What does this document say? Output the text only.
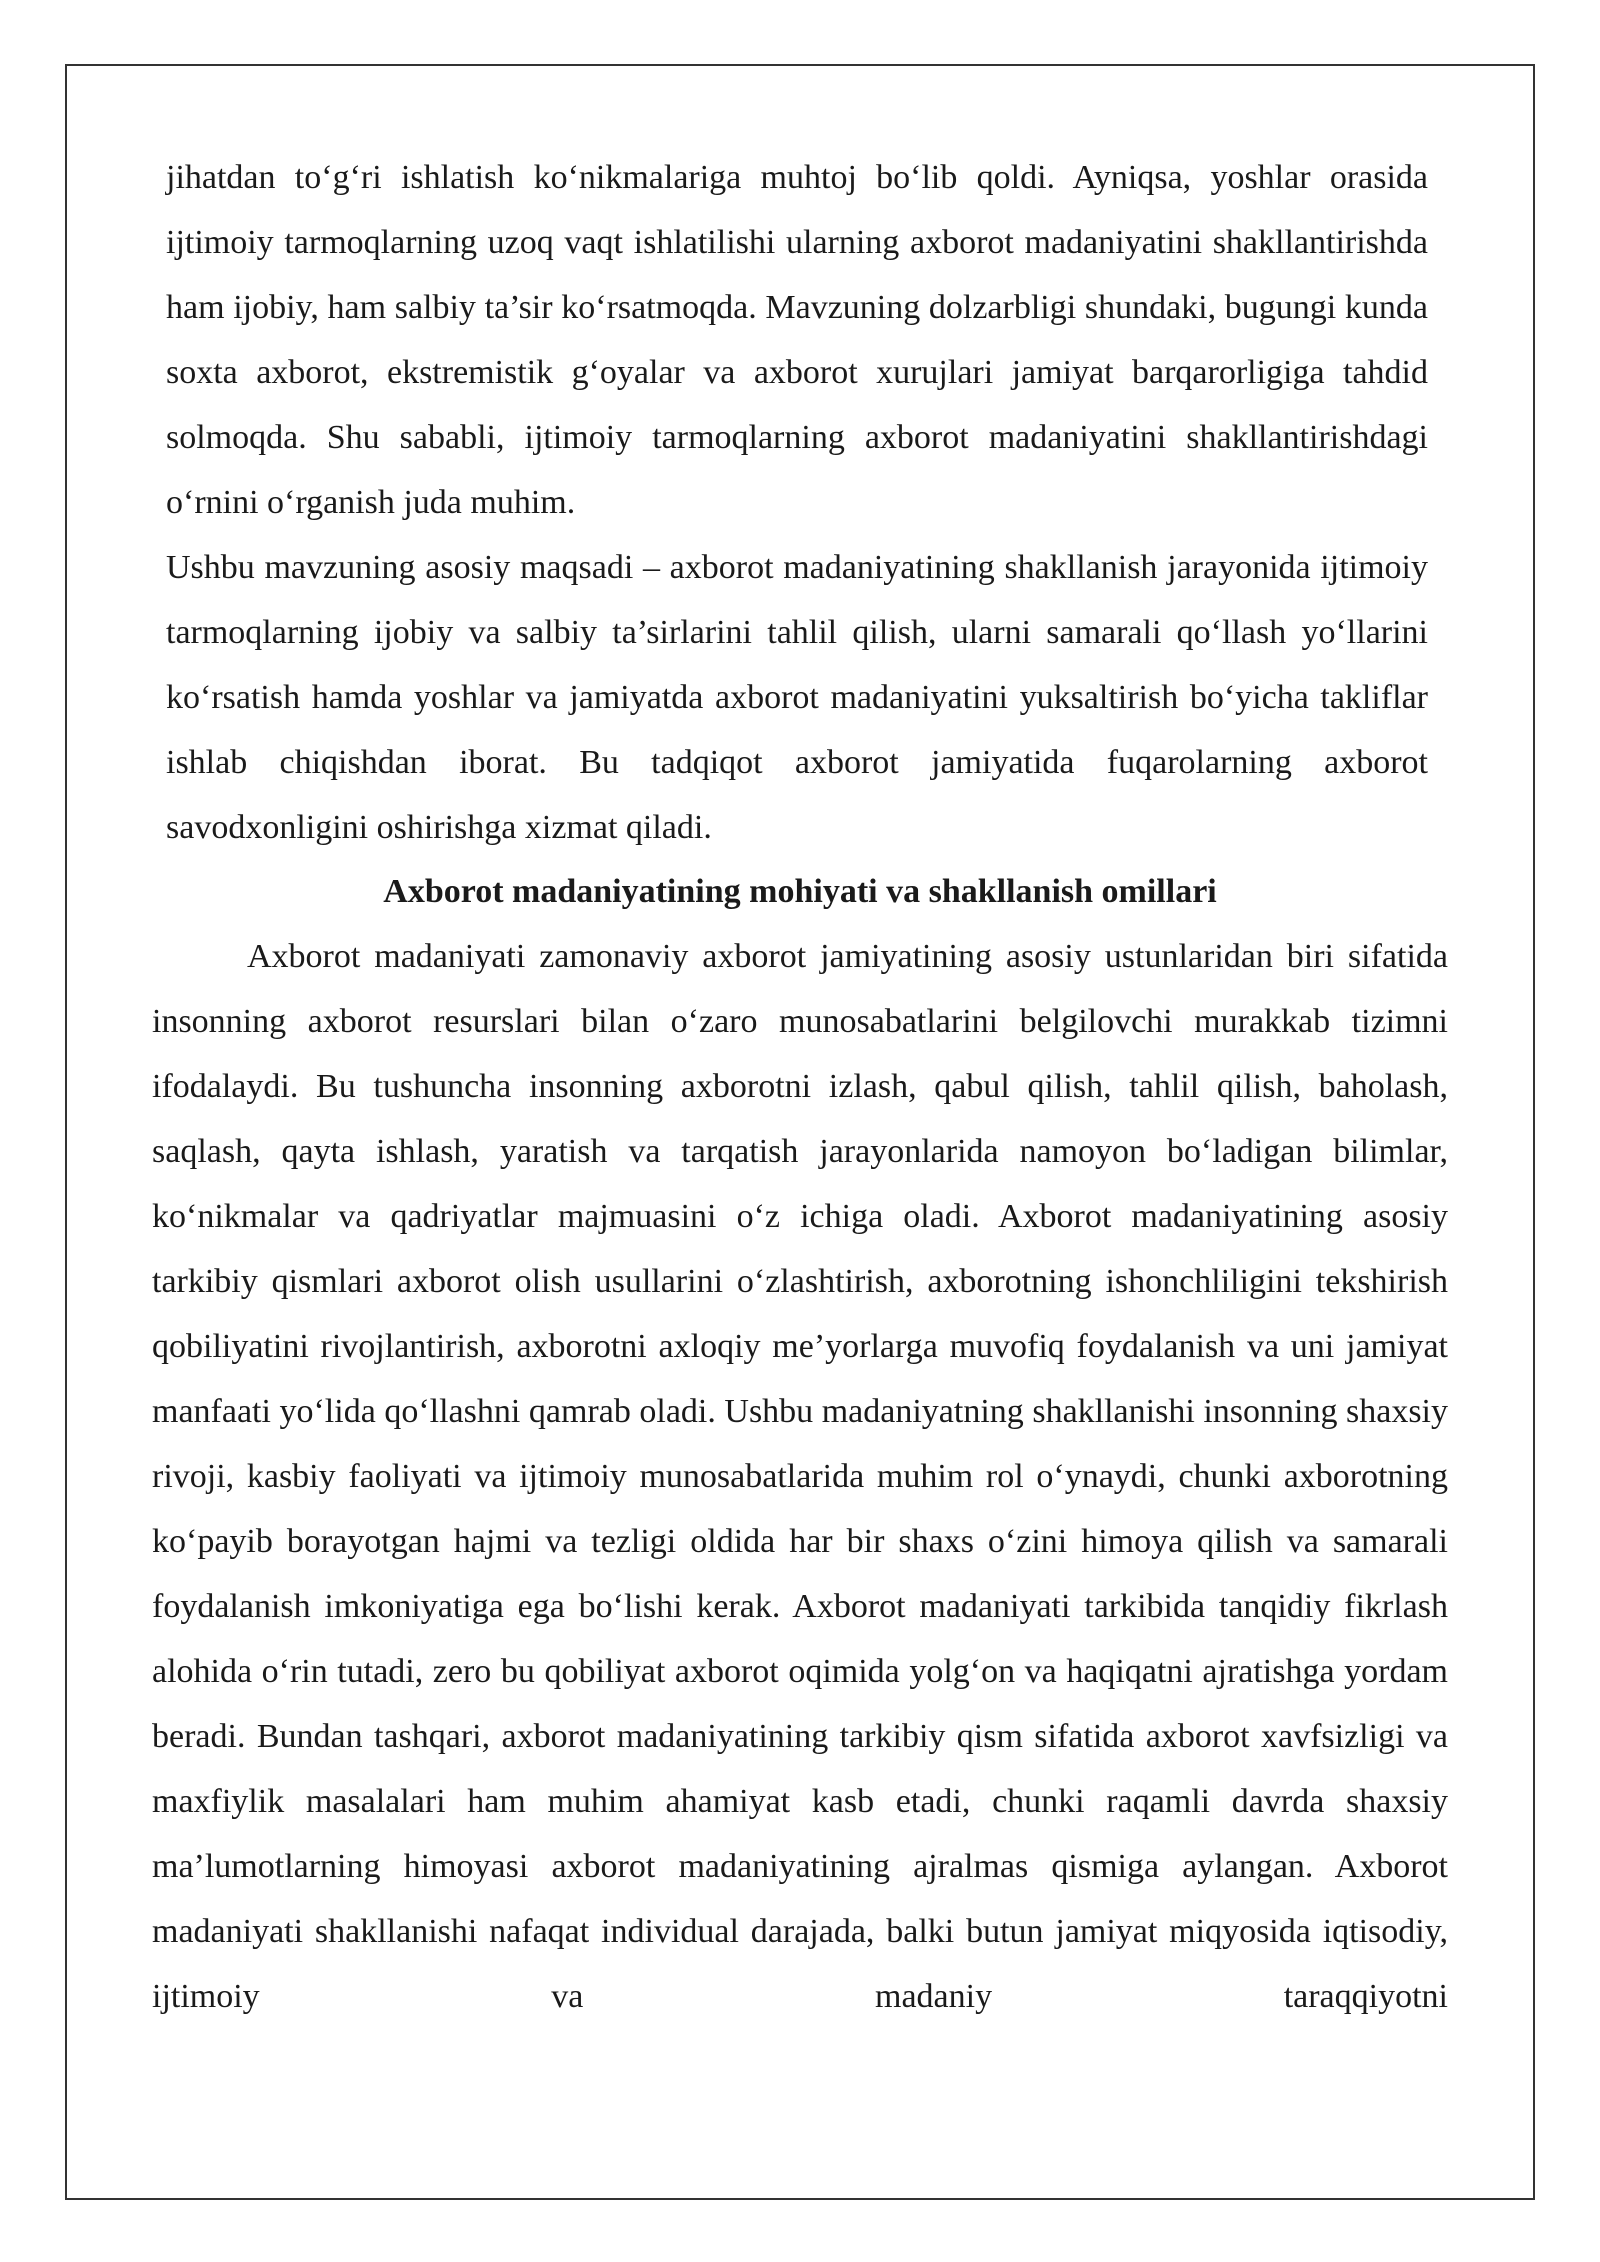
jihatdan to‘g‘ri ishlatish ko‘nikmalariga muhtoj bo‘lib qoldi. Ayniqsa, yoshlar orasida ijtimoiy tarmoqlarning uzoq vaqt ishlatilishi ularning axborot madaniyatini shakllantirishda ham ijobiy, ham salbiy ta’sir ko‘rsatmoqda. Mavzuning dolzarbligi shundaki, bugungi kunda soxta axborot, ekstremistik g‘oyalar va axborot xurujlari jamiyat barqarorligiga tahdid solmoqda. Shu sababli, ijtimoiy tarmoqlarning axborot madaniyatini shakllantirishdagi o‘rnini o‘rganish juda muhim.

Ushbu mavzuning asosiy maqsadi – axborot madaniyatining shakllanish jarayonida ijtimoiy tarmoqlarning ijobiy va salbiy ta’sirlarini tahlil qilish, ularni samarali qo‘llash yo‘llarini ko‘rsatish hamda yoshlar va jamiyatda axborot madaniyatini yuksaltirish bo‘yicha takliflar ishlab chiqishdan iborat. Bu tadqiqot axborot jamiyatida fuqarolarning axborot savodxonligini oshirishga xizmat qiladi.

Axborot madaniyatining mohiyati va shakllanish omillari

Axborot madaniyati zamonaviy axborot jamiyatining asosiy ustunlaridan biri sifatida insonning axborot resurslari bilan o‘zaro munosabatlarini belgilovchi murakkab tizimni ifodalaydi. Bu tushuncha insonning axborotni izlash, qabul qilish, tahlil qilish, baholash, saqlash, qayta ishlash, yaratish va tarqatish jarayonlarida namoyon bo‘ladigan bilimlar, ko‘nikmalar va qadriyatlar majmuasini o‘z ichiga oladi. Axborot madaniyatining asosiy tarkibiy qismlari axborot olish usullarini o‘zlashtirish, axborotning ishonchliligini tekshirish qobiliyatini rivojlantirish, axborotni axloqiy me’yorlarga muvofiq foydalanish va uni jamiyat manfaati yo‘lida qo‘llashni qamrab oladi. Ushbu madaniyatning shakllanishi insonning shaxsiy rivoji, kasbiy faoliyati va ijtimoiy munosabatlarida muhim rol o‘ynaydi, chunki axborotning ko‘payib borayotgan hajmi va tezligi oldida har bir shaxs o‘zini himoya qilish va samarali foydalanish imkoniyatiga ega bo‘lishi kerak. Axborot madaniyati tarkibida tanqidiy fikrlash alohida o‘rin tutadi, zero bu qobiliyat axborot oqimida yolg‘on va haqiqatni ajratishga yordam beradi. Bundan tashqari, axborot madaniyatining tarkibiy qism sifatida axborot xavfsizligi va maxfiylik masalalari ham muhim ahamiyat kasb etadi, chunki raqamli davrda shaxsiy ma’lumotlarning himoyasi axborot madaniyatining ajralmas qismiga aylangan. Axborot madaniyati shakllanishi nafaqat individual darajada, balki butun jamiyat miqyosida iqtisodiy, ijtimoiy va madaniy taraqqiyotni
